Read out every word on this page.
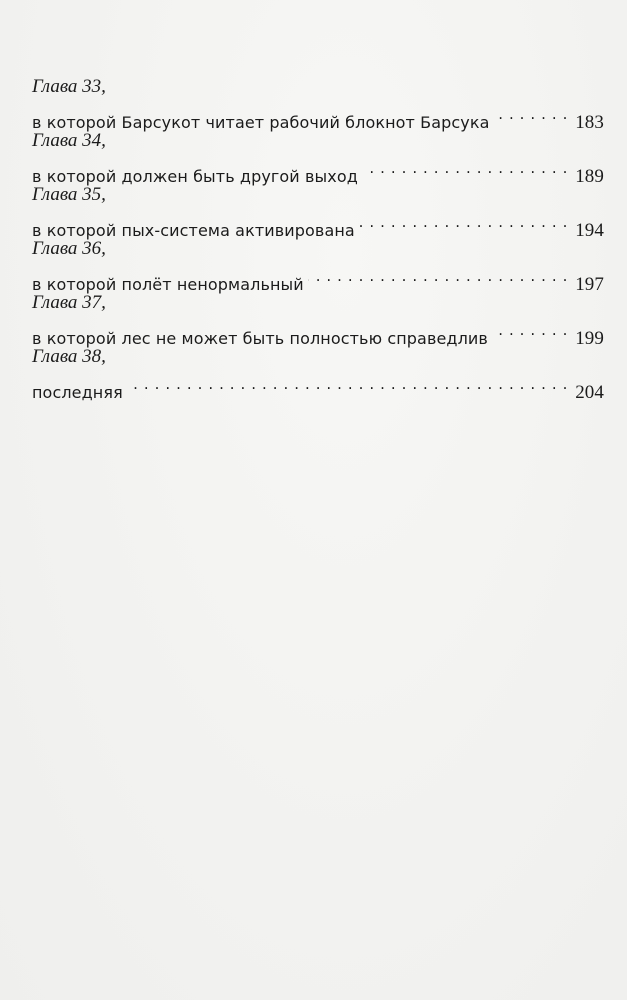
Глава 33,
в которой Барсукот читает рабочий блокнот Барсука . . .	183
Глава 34,
в которой должен быть другой выход . . .	189
Глава 35,
в которой пых-система активирована . . .	194
Глава 36,
в которой полёт ненормальный . . .	197
Глава 37,
в которой лес не может быть полностью справедлив . . .	199
Глава 38,
последняя . . .	204
